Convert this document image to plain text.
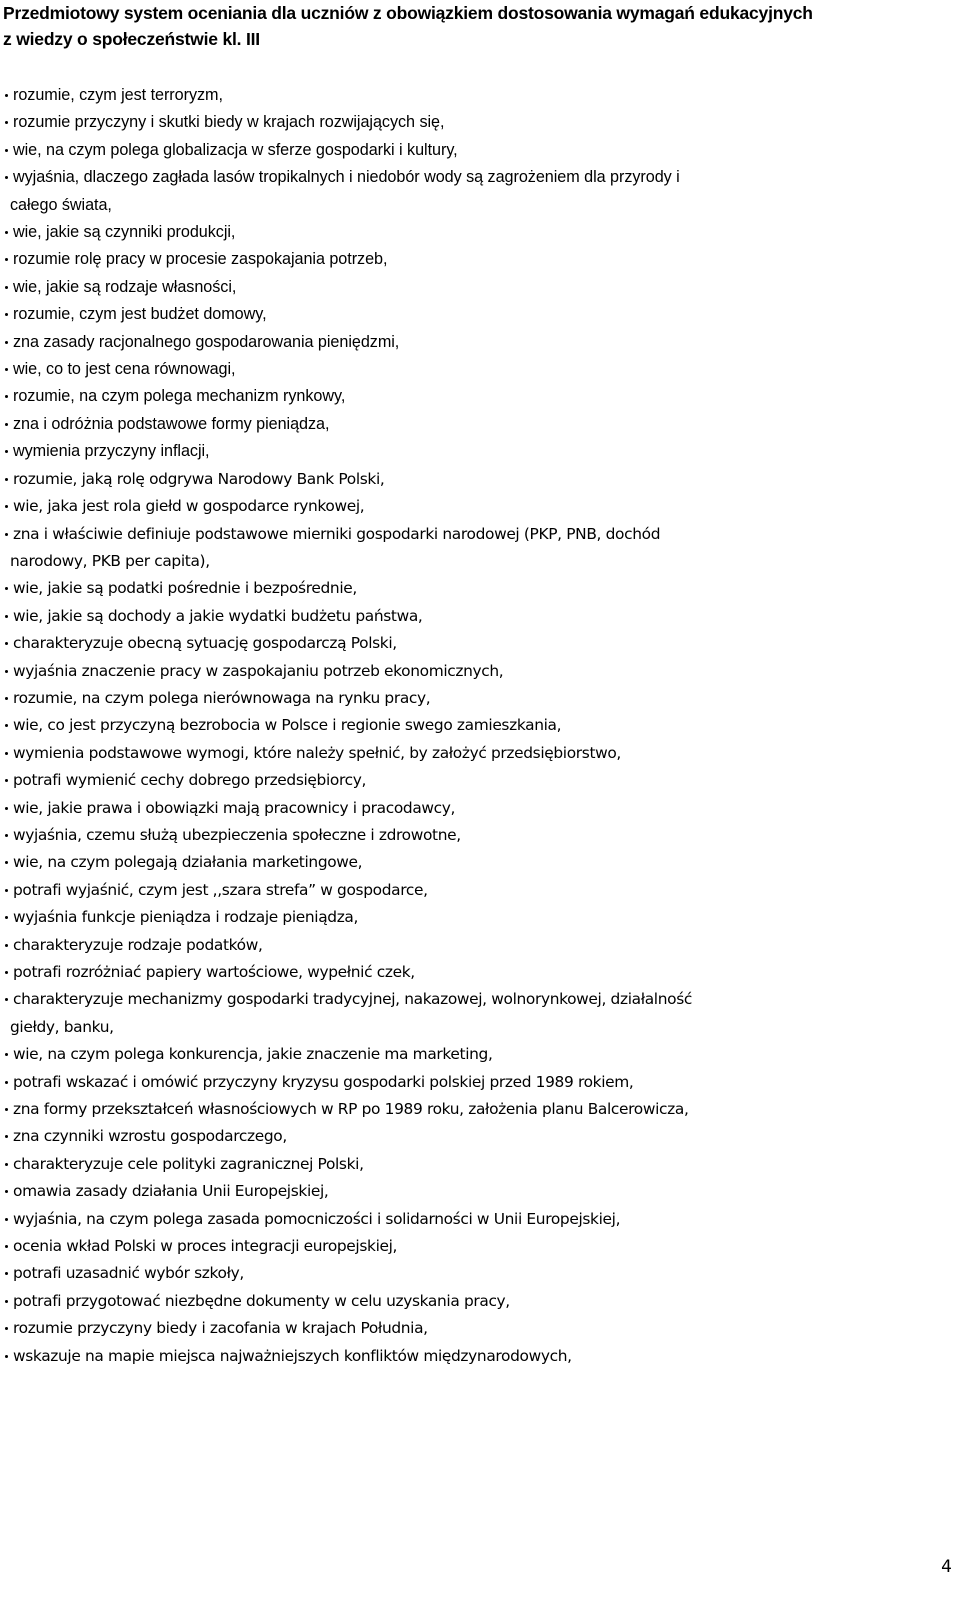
Przedmiotowy system oceniania dla uczniów z obowiązkiem dostosowania wymagań edukacyjnych
z wiedzy o społeczeństwie kl. III
rozumie, czym jest terroryzm,
rozumie przyczyny i skutki biedy w krajach rozwijających się,
wie, na czym polega globalizacja w sferze gospodarki i kultury,
wyjaśnia, dlaczego zagłada lasów tropikalnych i niedobór wody są zagrożeniem dla przyrody i
całego świata,
wie, jakie są czynniki produkcji,
rozumie rolę pracy w procesie zaspokajania potrzeb,
wie, jakie są rodzaje własności,
rozumie, czym jest budżet domowy,
zna zasady racjonalnego gospodarowania pieniędzmi,
wie, co to jest cena równowagi,
rozumie, na czym polega mechanizm rynkowy,
zna i odróżnia podstawowe formy pieniądza,
wymienia przyczyny inflacji,
rozumie, jaką rolę odgrywa Narodowy Bank Polski,
wie, jaka jest rola giełd w gospodarce rynkowej,
zna i właściwie definiuje podstawowe mierniki gospodarki narodowej (PKP, PNB, dochód
narodowy, PKB per capita),
wie, jakie są podatki pośrednie i bezpośrednie,
wie, jakie są dochody a jakie wydatki budżetu państwa,
charakteryzuje obecną sytuację gospodarczą Polski,
wyjaśnia znaczenie pracy w zaspokajaniu potrzeb ekonomicznych,
rozumie, na czym polega nierównowaga na rynku pracy,
wie, co jest przyczyną bezrobocia w Polsce i regionie swego zamieszkania,
wymienia podstawowe wymogi, które należy spełnić, by założyć przedsiębiorstwo,
potrafi wymienić cechy dobrego przedsiębiorcy,
wie, jakie prawa i obowiązki mają pracownicy i pracodawcy,
wyjaśnia, czemu służą ubezpieczenia społeczne i zdrowotne,
wie, na czym polegają działania marketingowe,
potrafi wyjaśnić, czym jest ,,szara strefa” w gospodarce,
wyjaśnia funkcje pieniądza i rodzaje pieniądza,
charakteryzuje rodzaje podatków,
potrafi rozróżniać papiery wartościowe, wypełnić czek,
charakteryzuje mechanizmy gospodarki tradycyjnej, nakazowej, wolnorynkowej, działalność
giełdy, banku,
wie, na czym polega konkurencja, jakie znaczenie ma marketing,
potrafi wskazać i omówić przyczyny kryzysu gospodarki polskiej przed 1989 rokiem,
zna formy przekształceń własnościowych w RP po 1989 roku, założenia planu Balcerowicza,
zna czynniki wzrostu gospodarczego,
charakteryzuje cele polityki zagranicznej Polski,
omawia zasady działania Unii Europejskiej,
wyjaśnia, na czym polega zasada pomocniczości i solidarności w Unii Europejskiej,
ocenia wkład Polski w proces integracji europejskiej,
potrafi uzasadnić wybór szkoły,
potrafi przygotować niezbędne dokumenty w celu uzyskania pracy,
rozumie przyczyny biedy i zacofania w krajach Południa,
wskazuje na mapie miejsca najważniejszych konfliktów międzynarodowych,
4
